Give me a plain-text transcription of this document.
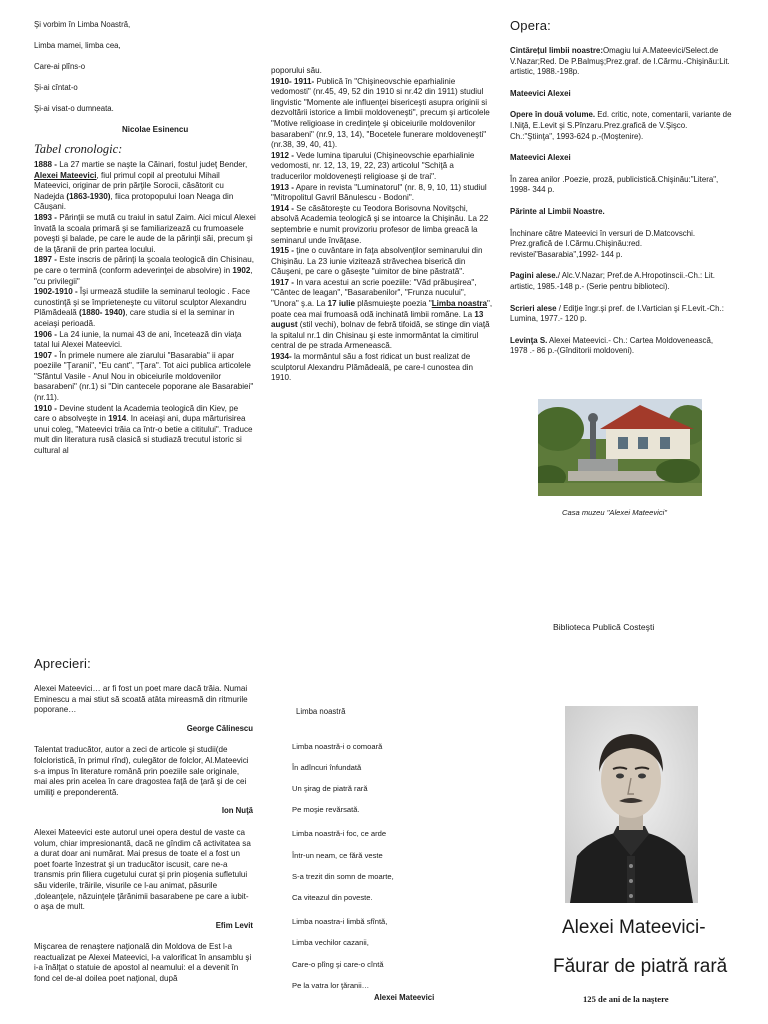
Şi vorbim în Limba Noastră,
Limba mamei, limba cea,
Care-ai plîns-o
Şi-ai cîntat-o
Şi-ai visat-o dumneata.
Nicolae Esinencu
Tabel cronologic:
1888 - La 27 martie se naşte la Căinari, fostul judeţ Bender, Alexei Mateevici, fiul primul copil al preotului Mihail Mateevici, originar de prin părţile Sorocii, căsătorit cu Nadejda (1863-1930), fiica protopopului Ioan Neaga din Căuşani.
1893 - Părinţii se mută cu traiul in satul Zaim. Aici micul Alexei învată la scoala primară şi se familiarizează cu frumoasele poveşti şi balade, pe care le aude de la părinţii săi, precum şi de la ţăranii de prin partea locului.
1897 - Este inscris de părinţi la şcoala teologică din Chisinau, pe care o termină (conform adeverinţei de absolvire) in 1902, "cu privilegii"
1902-1910 - Îşi urmează studiile la seminarul teologic . Face cunostinţă şi se împrieteneşte cu viitorul sculptor Alexandru Plămădeală (1880- 1940), care studia si el la seminar in aceiaşi perioadă.
1906 - La 24 iunie, la numai 43 de ani, încetează din viaţa tatal lui Alexei Mateevici.
1907 - În primele numere ale ziarului "Basarabia" ii apar poeziile "Ţaranii", "Eu cant", "Ţara". Tot aici publica articolele "Sfântul Vasile - Anul Nou in obiceiurile moldovenilor basarabeni" (nr.1) si "Din cantecele poporane ale Basarabiei" (nr.11).
1910 - Devine student la Academia teologică din Kiev, pe care o absolveşte in 1914. In aceiaşi ani, dupa mărturisirea unui coleg, "Mateevici trăia ca într-o betie a cititului". Traduce mult din literatura rusă clasică si studiază trecutul istoric si cultural al
poporului său.
1910- 1911- Publică în "Chişineovschie eparhialinie vedomosti" (nr.45, 49, 52 din 1910 si nr.42 din 1911) studiul lingvistic "Momente ale influenţei bisericeşti asupra originii si dezvoltării istorice a limbii moldoveneşti", precum şi articolele "Motive religioase in credinţele şi obiceiurile moldovenilor basarabeni" (nr.9, 13, 14), "Bocetele funerare moldoveneşti" (nr.38, 39, 40, 41).
1912 - Vede lumina tiparului (Chişineovschie eparhialinie vedomosti, nr. 12, 13, 19, 22, 23) articolul "Schiţă a traducerilor moldoveneşti religioase şi de trai".
1913 - Apare in revista "Luminatorul" (nr. 8, 9, 10, 11) studiul "Mitropolitul Gavril Bănulescu - Bodoni".
1914 - Se căsătoreşte cu Teodora Borisovna Novitşchi, absolvă Academia teologică şi se intoarce la Chişinău. La 22 septembrie e numit provizoriu profesor de limba greacă la seminarul unde învăţase.
1915 - ţine o cuvântare in faţa absolvenţilor seminarului din Chişinău. La 23 iunie vizitează străvechea biserică din Căuşeni, pe care o găseşte "uimitor de bine păstrată".
1917 - In vara acestui an scrie poeziile: "Văd prăbuşirea", "Cântec de leagan", "Basarabenilor", "Frunza nucului", "Unora" ş.a. La 17 iulie plăsmuieşte poezia "Limba noastra", poate cea mai frumoasă odă inchinată limbii romăne. La 13 august (stil vechi), bolnav de febră tifoidă, se stinge din viaţă la spitalul nr.1 din Chisinau şi este inmormântat la cimitirul central de pe strada Armenească.
1934- la mormântul său a fost ridicat un bust realizat de sculptorul Alexandru Plămădeală, pe care-l cunostea din 1910.
Opera:
Cintărețul limbii noastre:Omagiu lui A.Mateevici/Select.de V.Nazar;Red. De P.Balmuş;Prez.graf. de I.Cărmu.-Chişinău:Lit. artistic, 1988.-198p.
Mateevici Alexei
Opere în două volume. Ed. critic, note, comentarii, variante de I.Nіţă, E.Levit şi S.Pînzaru.Prez.grafică de V.Şişco. Ch.:"Ştiinţa", 1993-624 p.-(Moştenire).
Mateevici Alexei
În zarea anilor .Poezie, proză, publicistică.Chişinău:"Litera", 1998- 344 p.
Părinte al Limbii Noastre.
Închinare către Mateevici în versuri de D.Matcovschi. Prez.grafică de I.Cărmu.Chişinău:red. revistei"Basarabia",1992- 144 p.
Pagini alese./ Alc.V.Nazar; Pref.de A.Hropotinscii.-Ch.: Lit. artistic, 1985.-148 p.- (Serie pentru biblioteci).
Scrieri alese / Ediţie îngr.şi pref. de I.Vartician şi F.Levit.-Ch.: Lumina, 1977.- 120 p.
Levinţa S. Alexei Mateevici.- Ch.: Cartea Moldovenească, 1978 .- 86 p.-(Gînditorii moldoveni).
Casa muzeu "Alexei Mateevici"
Biblioteca Publică Costeşti
Aprecieri:
Alexei Mateevici… ar fi fost un poet mare dacă trăia. Numai Eminescu a mai stiut să scoată atâta mireasmă din ritmurile poporane…
George Călinescu
Talentat traducător, autor a zeci de articole şi studii(de folcloristică, în primul rînd), culegător de folclor, Al.Mateevici s-a impus în literature română prin poeziile sale originale, mai ales prin acelea în care dragostea faţă de ţară şi de cei umiliţi e preponderentă.
Ion Nuţă
Alexei Mateevici este autorul unei opera destul de vaste ca volum, chiar impresionantă, dacă ne gîndim că activitatea sa a durat doar ani numărat. Mai presus de toate el a fost un poet foarte înzestrat şi un traducător iscusit, care ne-a transmis prin filiera cugetului curat şi prin pioşenia sufletului său viderile, trăirile, visurile ce l-au animat, păsurile ,doleanţele, năzuinţele ţărănimii basarabene pe care a iubit-o aşa de mult.
Efim Levit
Mişcarea de renaştere naţională din Moldova de Est l-a reactualizat pe Alexei Mateevici, l-a valorificat în ansamblu şi i-a înălţat o statuie de apostol al neamului: el a devenit în fond cel de-al doilea poet naţional, după
Limba noastră
Limba noastră-i o comoară
În adîncuri înfundată
Un şirag de piatră rară
Pe moşie revărsată.
Limba noastră-i foc, ce arde
Într-un neam, ce fără veste
S-a trezit din somn de moarte,
Ca viteazul din poveste.
Limba noastra-i limbă sfîntă,
Limba vechilor cazanii,
Care-o plîng şi care-o cîntă
Pe la vatra lor ţăranii…
Alexei Mateevici
Alexei Mateevici-
Făurar de piatră rară
125 de ani de la naştere
